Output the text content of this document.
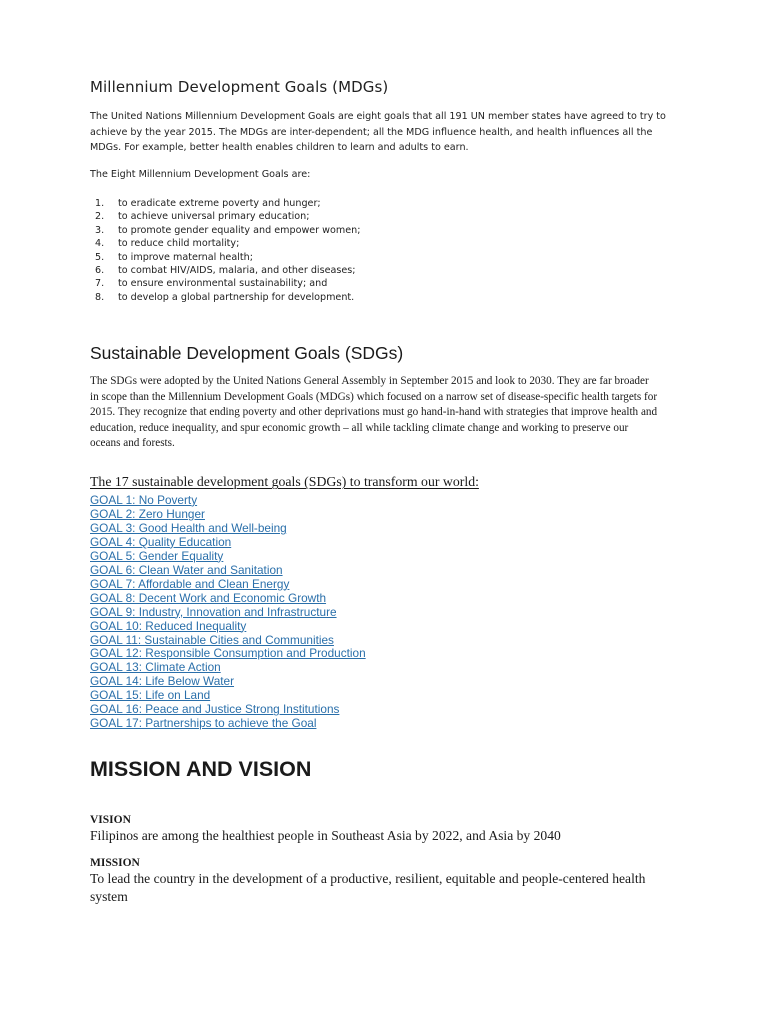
Millennium Development Goals (MDGs)

The United Nations Millennium Development Goals are eight goals that all 191 UN member states have agreed to try to achieve by the year 2015. The MDGs are inter-dependent; all the MDG influence health, and health influences all the MDGs. For example, better health enables children to learn and adults to earn.

The Eight Millennium Development Goals are:

1. to eradicate extreme poverty and hunger;
2. to achieve universal primary education;
3. to promote gender equality and empower women;
4. to reduce child mortality;
5. to improve maternal health;
6. to combat HIV/AIDS, malaria, and other diseases;
7. to ensure environmental sustainability; and
8. to develop a global partnership for development.
Sustainable Development Goals (SDGs)

The SDGs were adopted by the United Nations General Assembly in September 2015 and look to 2030. They are far broader in scope than the Millennium Development Goals (MDGs) which focused on a narrow set of disease-specific health targets for 2015. They recognize that ending poverty and other deprivations must go hand-in-hand with strategies that improve health and education, reduce inequality, and spur economic growth – all while tackling climate change and working to preserve our oceans and forests.

The 17 sustainable development goals (SDGs) to transform our world:

GOAL 1: No Poverty
GOAL 2: Zero Hunger
GOAL 3: Good Health and Well-being
GOAL 4: Quality Education
GOAL 5: Gender Equality
GOAL 6: Clean Water and Sanitation
GOAL 7: Affordable and Clean Energy
GOAL 8: Decent Work and Economic Growth
GOAL 9: Industry, Innovation and Infrastructure
GOAL 10: Reduced Inequality
GOAL 11: Sustainable Cities and Communities
GOAL 12: Responsible Consumption and Production
GOAL 13: Climate Action
GOAL 14: Life Below Water
GOAL 15: Life on Land
GOAL 16: Peace and Justice Strong Institutions
GOAL 17: Partnerships to achieve the Goal
MISSION AND VISION

VISION

Filipinos are among the healthiest people in Southeast Asia by 2022, and Asia by 2040

MISSION

To lead the country in the development of a productive, resilient, equitable and people-centered health system
